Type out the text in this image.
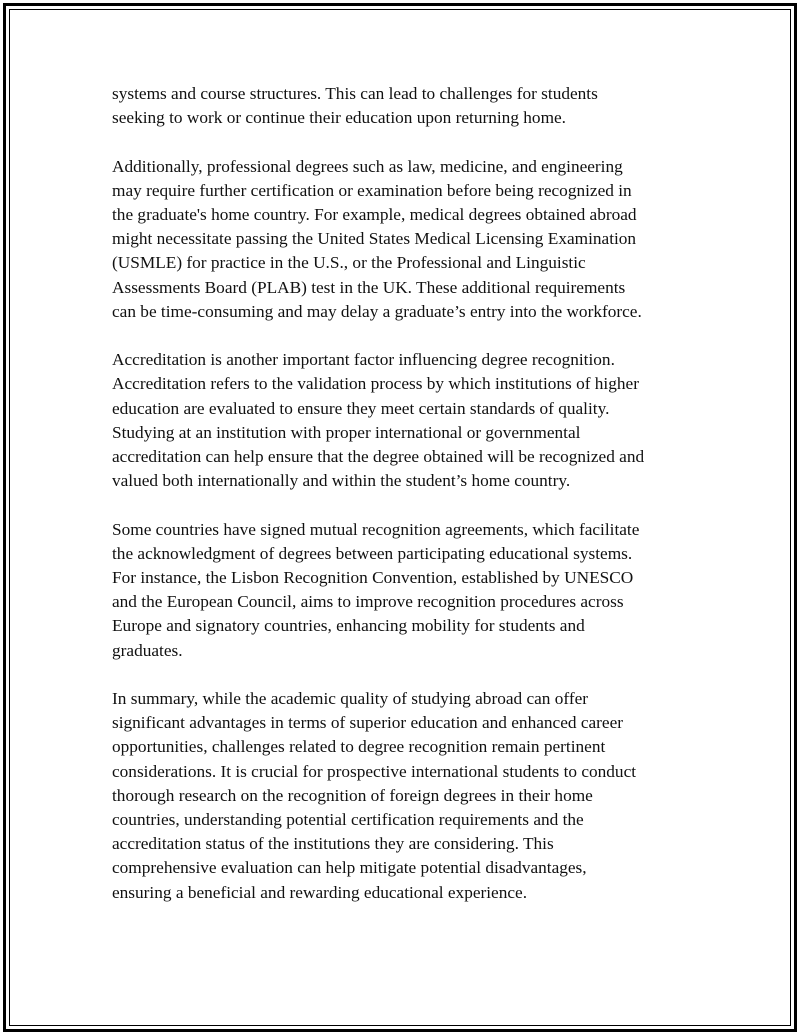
systems and course structures. This can lead to challenges for students
seeking to work or continue their education upon returning home.

Additionally, professional degrees such as law, medicine, and engineering
may require further certification or examination before being recognized in
the graduate's home country. For example, medical degrees obtained abroad
might necessitate passing the United States Medical Licensing Examination
(USMLE) for practice in the U.S., or the Professional and Linguistic
Assessments Board (PLAB) test in the UK. These additional requirements
can be time-consuming and may delay a graduate’s entry into the workforce.

Accreditation is another important factor influencing degree recognition.
Accreditation refers to the validation process by which institutions of higher
education are evaluated to ensure they meet certain standards of quality.
Studying at an institution with proper international or governmental
accreditation can help ensure that the degree obtained will be recognized and
valued both internationally and within the student’s home country.

Some countries have signed mutual recognition agreements, which facilitate
the acknowledgment of degrees between participating educational systems.
For instance, the Lisbon Recognition Convention, established by UNESCO
and the European Council, aims to improve recognition procedures across
Europe and signatory countries, enhancing mobility for students and
graduates.

In summary, while the academic quality of studying abroad can offer
significant advantages in terms of superior education and enhanced career
opportunities, challenges related to degree recognition remain pertinent
considerations. It is crucial for prospective international students to conduct
thorough research on the recognition of foreign degrees in their home
countries, understanding potential certification requirements and the
accreditation status of the institutions they are considering. This
comprehensive evaluation can help mitigate potential disadvantages,
ensuring a beneficial and rewarding educational experience.
